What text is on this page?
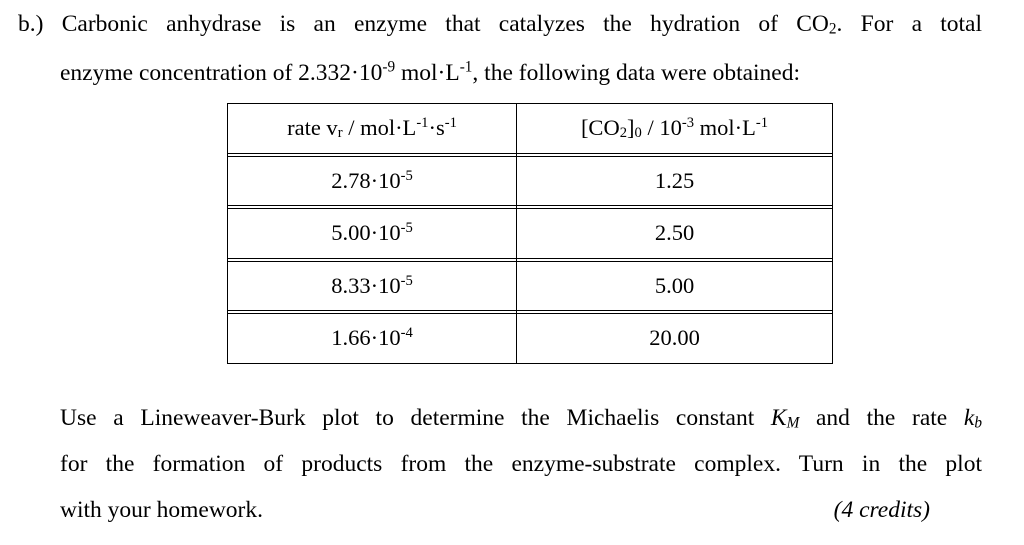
b.) Carbonic anhydrase is an enzyme that catalyzes the hydration of $CO_2$. For a total
enzyme concentration of $2.332\cdot 10^{-9}$ $mol\cdot L^{-1}$, the following data were obtained:
rate $v_r / mol\cdot L^{-1}\cdot s^{-1}$	$[CO_2]_0 / 10^{-3}$ $mol\cdot L^{-1}$

$2.78\cdot 10^{-5}$	1.25

$5.00\cdot 10^{-5}$	2.50

$8.33\cdot 10^{-5}$	5.00

$1.66\cdot 10^{-4}$	20.00
Use a Lineweaver-Burk plot to determine the Michaelis constant $K_M$ and the rate $k_b$
for the formation of products from the enzyme-substrate complex. Turn in the plot
with your homework.	(4 credits)
